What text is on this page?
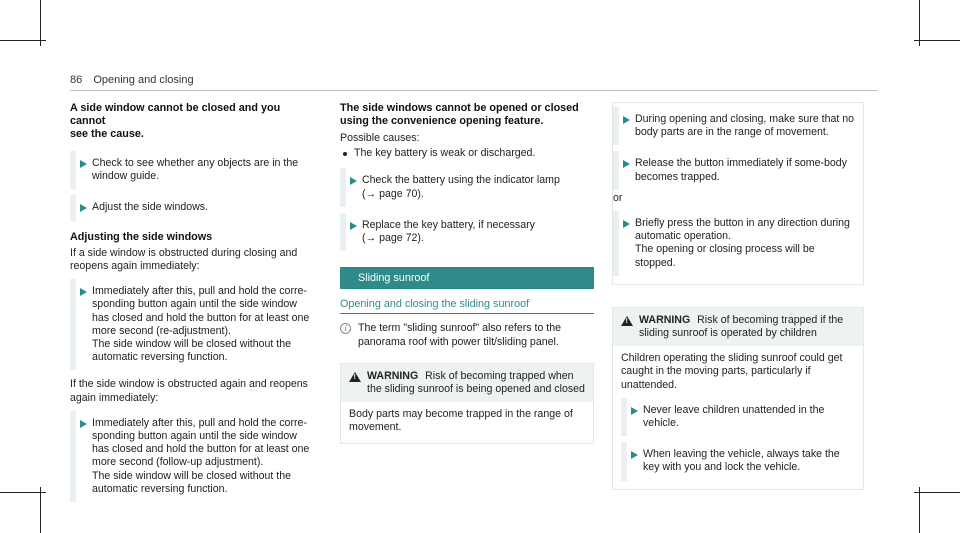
86 Opening and closing
A side window cannot be closed and you cannot
see the cause.

Check to see whether any objects are in the window guide.

Adjust the side windows.

Adjusting the side windows

If a side window is obstructed during closing and reopens again immediately:

Immediately after this, pull and hold the corre-sponding button again until the side window has closed and hold the button for at least one more second (re-adjustment).

The side window will be closed without the automatic reversing function.

If the side window is obstructed again and reopens again immediately:

Immediately after this, pull and hold the corre-sponding button again until the side window has closed and hold the button for at least one more second (follow-up adjustment).

The side window will be closed without the automatic reversing function.

The side windows cannot be opened or closed
using the convenience opening feature.

Possible causes:

The key battery is weak or discharged.

Check the battery using the indicator lamp

(→ page 70).

Replace the key battery, if necessary

(→ page 72).

Sliding sunroof
Opening and closing the sliding sunroof
i	The term "sliding sunroof" also refers to the panorama roof with power tilt/sliding panel.

!
WARNING Risk of becoming trapped when the sliding sunroof is being opened and closed
Body parts may become trapped in the range of movement.

During opening and closing, make sure that no body parts are in the range of movement.

Release the button immediately if some-body becomes trapped.

or

Briefly press the button in any direction during automatic operation.

The opening or closing process will be stopped.

!
WARNING Risk of becoming trapped if the sliding sunroof is operated by children

Children operating the sliding sunroof could get caught in the moving parts, particularly if unattended.

Never leave children unattended in the vehicle.

When leaving the vehicle, always take the key with you and lock the vehicle.
